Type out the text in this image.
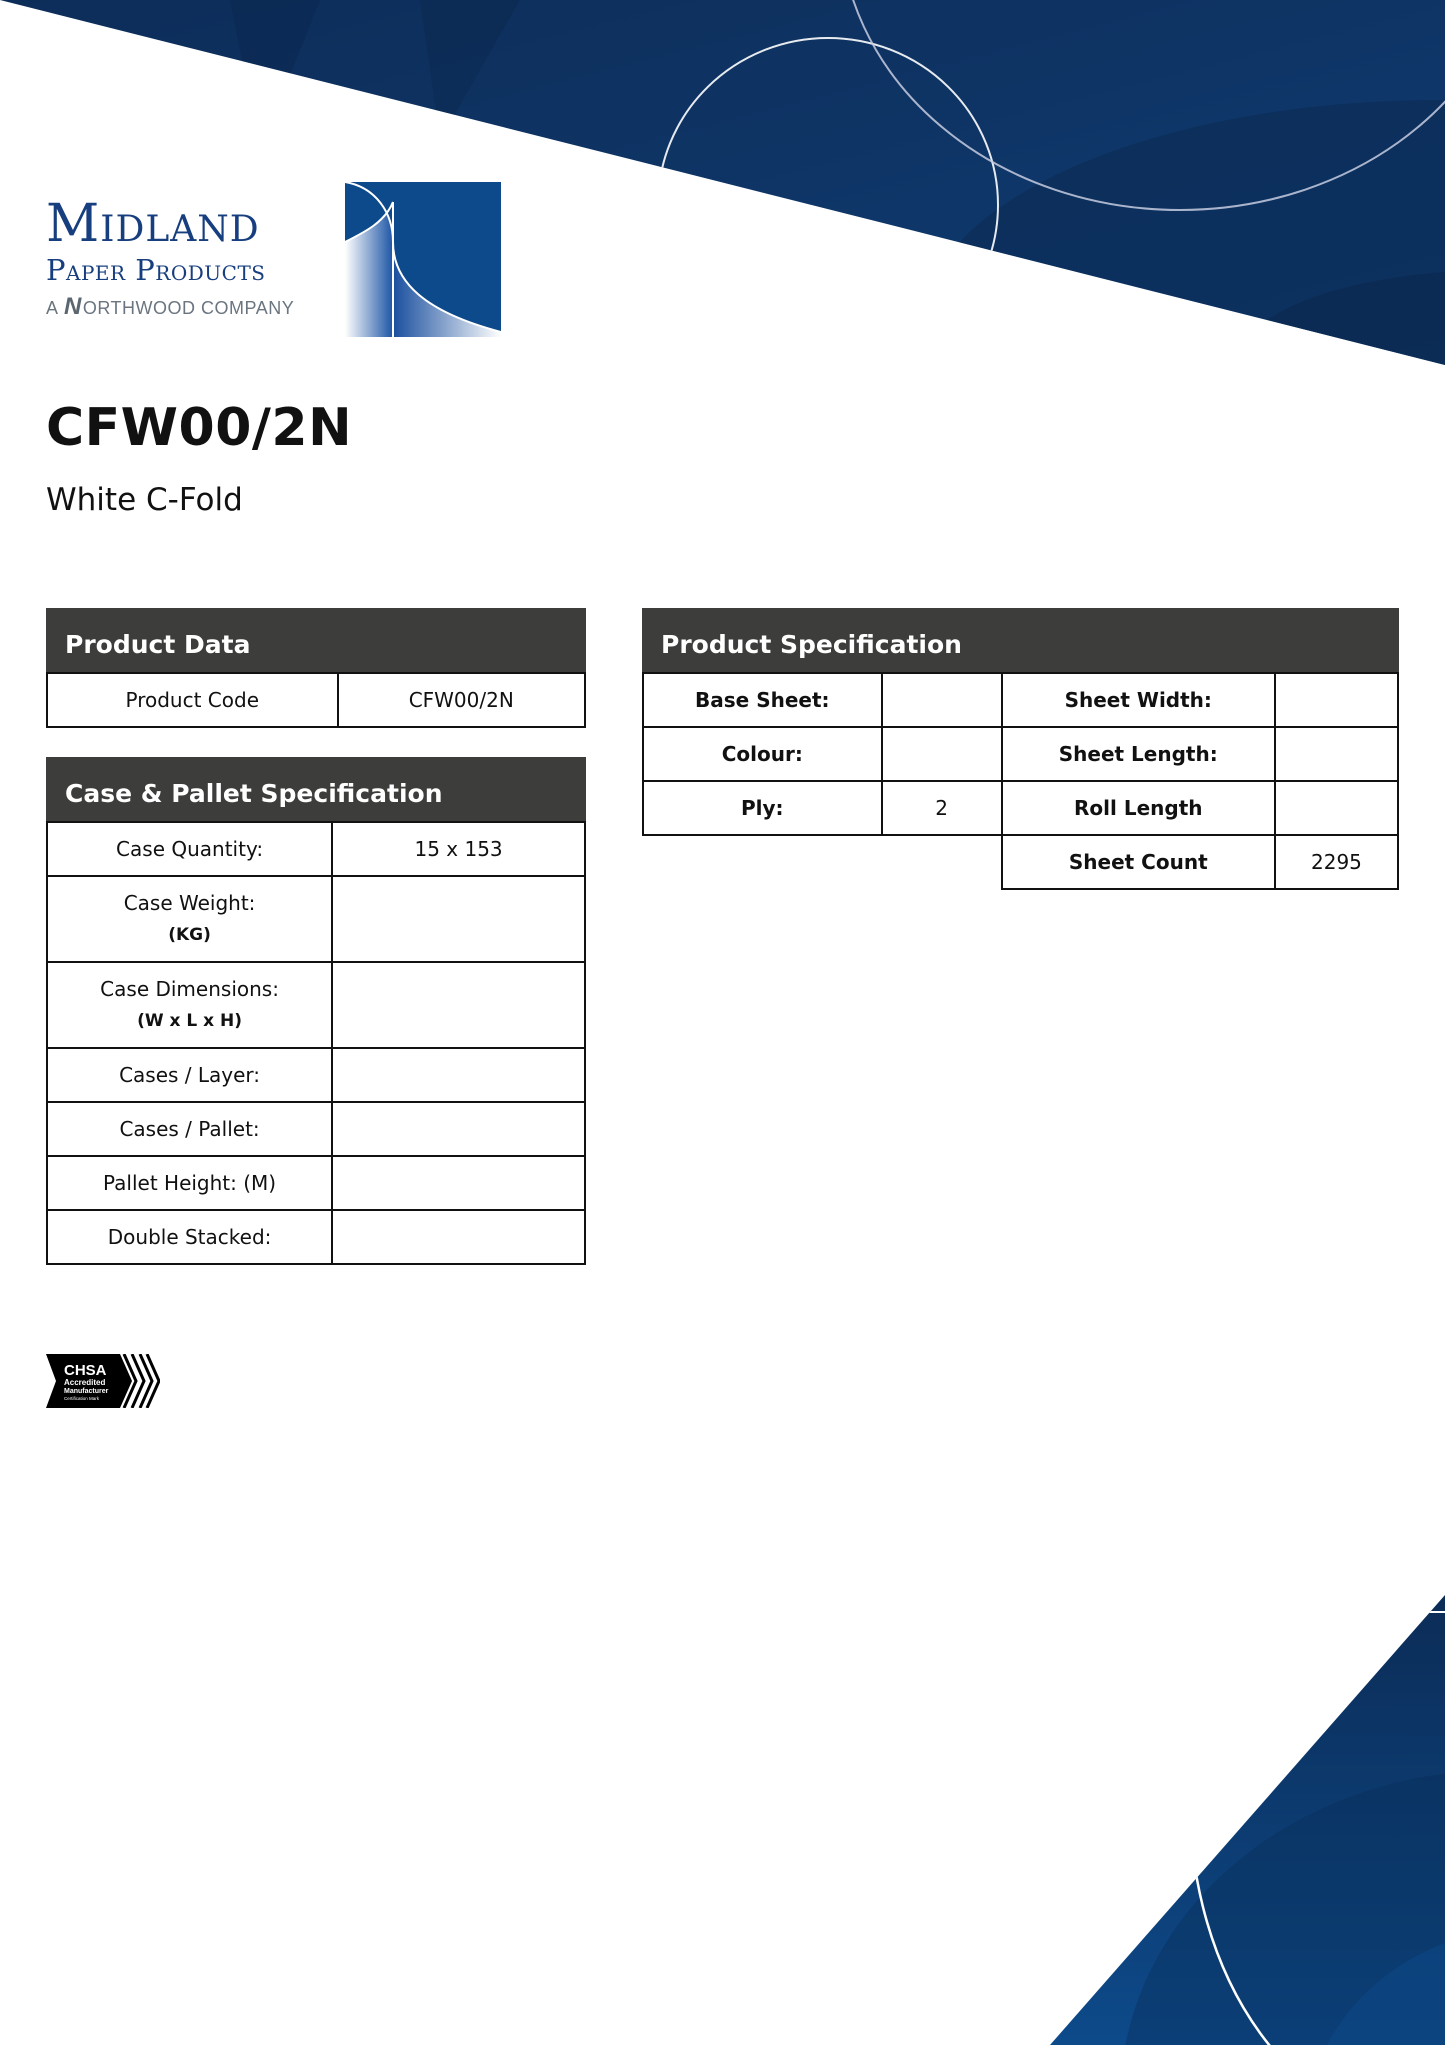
Midland
Paper Products
A NORTHWOOD COMPANY
CFW00/2N
White C-Fold
Product Data
Product Code	CFW00/2N
Case & Pallet Specification
Case Quantity:	15 x 153
Case Weight:
(KG)	

Case Dimensions:
(W x L x H)	

Cases / Layer:	
Cases / Pallet:	
Pallet Height: (M)	
Double Stacked:	
Product Specification
Base Sheet:		Sheet Width:	
Colour:		Sheet Length:	
Ply:	2	Roll Length	
		Sheet Count	2295
CHSA
Accredited
Manufacturer
Certification Mark
